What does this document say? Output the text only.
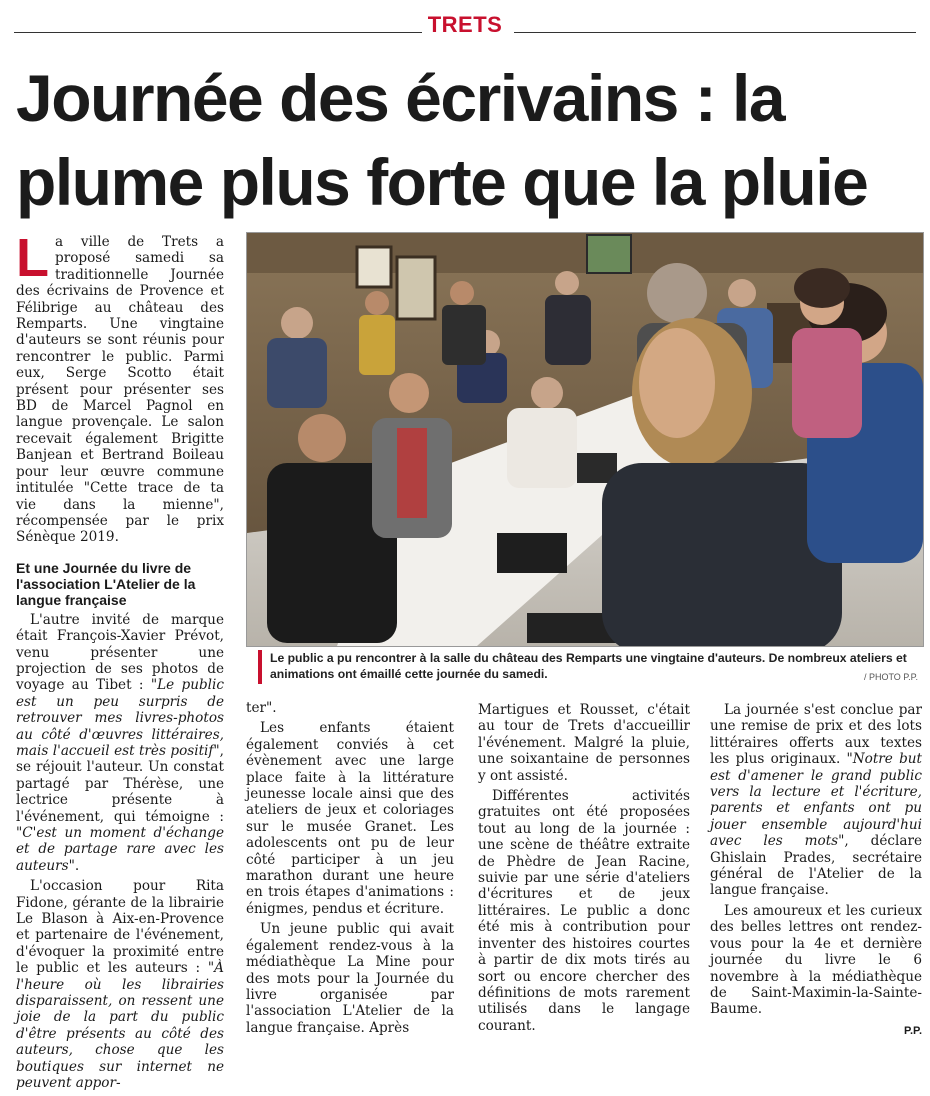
TRETS
Journée des écrivains : la plume plus forte que la pluie

L a ville de Trets a proposé samedi sa traditionnelle Journée des écrivains de Provence et Félibrige au château des Remparts. Une vingtaine d'auteurs se sont réunis pour rencontrer le public. Parmi eux, Serge Scotto était présent pour présenter ses BD de Marcel Pagnol en langue provençale. Le salon recevait également Brigitte Banjean et Bertrand Boileau pour leur œuvre commune intitulée "Cette trace de ta vie dans la mienne", récompensée par le prix Sénèque 2019.

Et une Journée du livre de l'association L'Atelier de la langue française

L'autre invité de marque était François-Xavier Prévot, venu présenter une projection de ses photos de voyage au Tibet : "Le public est un peu surpris de retrouver mes livres-photos au côté d'œuvres littéraires, mais l'accueil est très positif", se réjouit l'auteur. Un constat partagé par Thérèse, une lectrice présente à l'événement, qui témoigne : "C'est un moment d'échange et de partage rare avec les auteurs".

L'occasion pour Rita Fidone, gérante de la librairie Le Blason à Aix-en-Provence et partenaire de l'événement, d'évoquer la proximité entre le public et les auteurs : "À l'heure où les librairies disparaissent, on ressent une joie de la part du public d'être présents au côté des auteurs, chose que les boutiques sur internet ne peuvent appor-

Le public a pu rencontrer à la salle du château des Remparts une vingtaine d'auteurs. De nombreux ateliers et animations ont émaillé cette journée du samedi.	/ PHOTO P.P.

ter".

Les enfants étaient également conviés à cet évènement avec une large place faite à la littérature jeunesse locale ainsi que des ateliers de jeux et coloriages sur le musée Granet. Les adolescents ont pu de leur côté participer à un jeu marathon durant une heure en trois étapes d'animations : énigmes, pendus et écriture.

Un jeune public qui avait également rendez-vous à la médiathèque La Mine pour des mots pour la Journée du livre organisée par l'association L'Atelier de la langue française. Après

Martigues et Rousset, c'était au tour de Trets d'accueillir l'événement. Malgré la pluie, une soixantaine de personnes y ont assisté.

Différentes activités gratuites ont été proposées tout au long de la journée : une scène de théâtre extraite de Phèdre de Jean Racine, suivie par une série d'ateliers d'écritures et de jeux littéraires. Le public a donc été mis à contribution pour inventer des histoires courtes à partir de dix mots tirés au sort ou encore chercher des définitions de mots rarement utilisés dans le langage courant.

La journée s'est conclue par une remise de prix et des lots littéraires offerts aux textes les plus originaux. "Notre but est d'amener le grand public vers la lecture et l'écriture, parents et enfants ont pu jouer ensemble aujourd'hui avec les mots", déclare Ghislain Prades, secrétaire général de l'Atelier de la langue française.

Les amoureux et les curieux des belles lettres ont rendez-vous pour la 4e et dernière journée du livre le 6 novembre à la médiathèque de Saint-Maximin-la-Sainte-Baume.

P.P.
